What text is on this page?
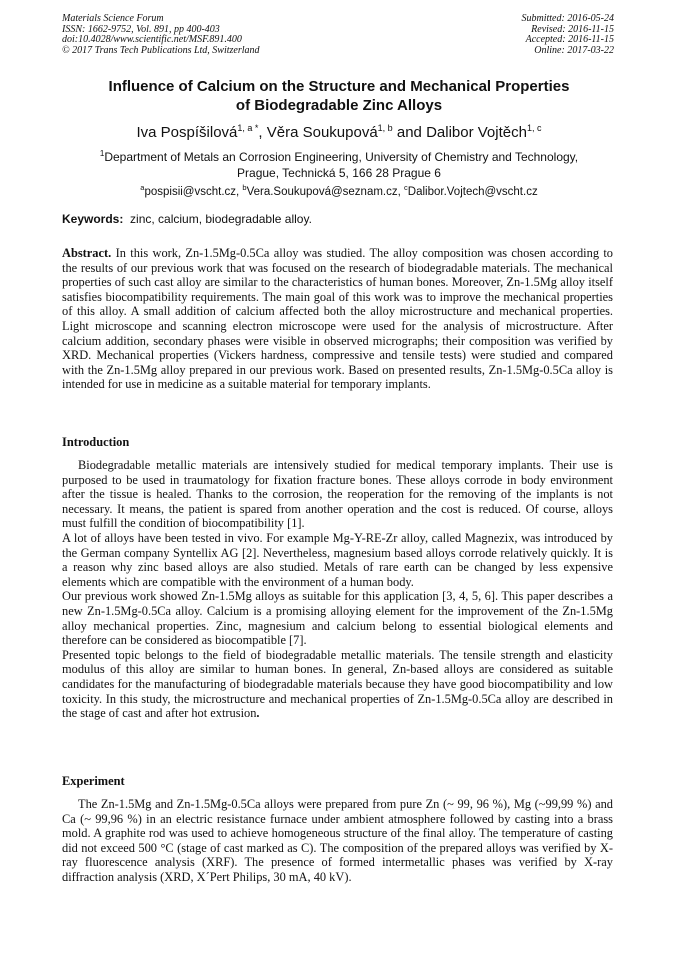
Materials Science Forum
ISSN: 1662-9752, Vol. 891, pp 400-403
doi:10.4028/www.scientific.net/MSF.891.400
© 2017 Trans Tech Publications Ltd, Switzerland
Submitted: 2016-05-24
Revised: 2016-11-15
Accepted: 2016-11-15
Online: 2017-03-22
Influence of Calcium on the Structure and Mechanical Properties
of Biodegradable Zinc Alloys
Iva Pospíšilová$^{1, a *}$, Věra Soukupová$^{1, b}$ and Dalibor Vojtěch$^{1, c}$
$^1$Department of Metals an Corrosion Engineering, University of Chemistry and Technology,
Prague, Technická 5, 166 28 Prague 6
$^a$pospisii@vscht.cz, $^b$Vera.Soukupová@seznam.cz, $^c$Dalibor.Vojtech@vscht.cz
Keywords: zinc, calcium, biodegradable alloy.

Abstract. In this work, Zn-1.5Mg-0.5Ca alloy was studied. The alloy composition was chosen according to the results of our previous work that was focused on the research of biodegradable materials. The mechanical properties of such cast alloy are similar to the characteristics of human bones. Moreover, Zn-1.5Mg alloy itself satisfies biocompatibility requirements. The main goal of this work was to improve the mechanical properties of this alloy. A small addition of calcium affected both the alloy microstructure and mechanical properties. Light microscope and scanning electron microscope were used for the analysis of microstructure. After calcium addition, secondary phases were visible in observed micrographs; their composition was verified by XRD. Mechanical properties (Vickers hardness, compressive and tensile tests) were studied and compared with the Zn-1.5Mg alloy prepared in our previous work. Based on presented results, Zn-1.5Mg-0.5Ca alloy is intended for use in medicine as a suitable material for temporary implants.

Introduction

Biodegradable metallic materials are intensively studied for medical temporary implants. Their use is purposed to be used in traumatology for fixation fracture bones. These alloys corrode in body environment after the tissue is healed. Thanks to the corrosion, the reoperation for the removing of the implants is not necessary. It means, the patient is spared from another operation and the cost is reduced. Of course, alloys must fulfill the condition of biocompatibility [1].

A lot of alloys have been tested in vivo. For example Mg-Y-RE-Zr alloy, called Magnezix, was introduced by the German company Syntellix AG [2]. Nevertheless, magnesium based alloys corrode relatively quickly. It is a reason why zinc based alloys are also studied. Metals of rare earth can be changed by less expensive elements which are compatible with the environment of a human body.

Our previous work showed Zn-1.5Mg alloys as suitable for this application [3, 4, 5, 6]. This paper describes a new Zn-1.5Mg-0.5Ca alloy. Calcium is a promising alloying element for the improvement of the Zn-1.5Mg alloy mechanical properties. Zinc, magnesium and calcium belong to essential biological elements and therefore can be considered as biocompatible [7].

Presented topic belongs to the field of biodegradable metallic materials. The tensile strength and elasticity modulus of this alloy are similar to human bones. In general, Zn-based alloys are considered as suitable candidates for the manufacturing of biodegradable materials because they have good biocompatibility and low toxicity. In this study, the microstructure and mechanical properties of Zn-1.5Mg-0.5Ca alloy are described in the stage of cast and after hot extrusion.

Experiment

The Zn-1.5Mg and Zn-1.5Mg-0.5Ca alloys were prepared from pure Zn (~ 99, 96 %), Mg (~99,99 %) and Ca (~ 99,96 %) in an electric resistance furnace under ambient atmosphere followed by casting into a brass mold. A graphite rod was used to achieve homogeneous structure of the final alloy. The temperature of casting did not exceed 500 °C (stage of cast marked as C). The composition of the prepared alloys was verified by X-ray fluorescence analysis (XRF). The presence of formed intermetallic phases was verified by X-ray diffraction analysis (XRD, X´Pert Philips, 30 mA, 40 kV).
